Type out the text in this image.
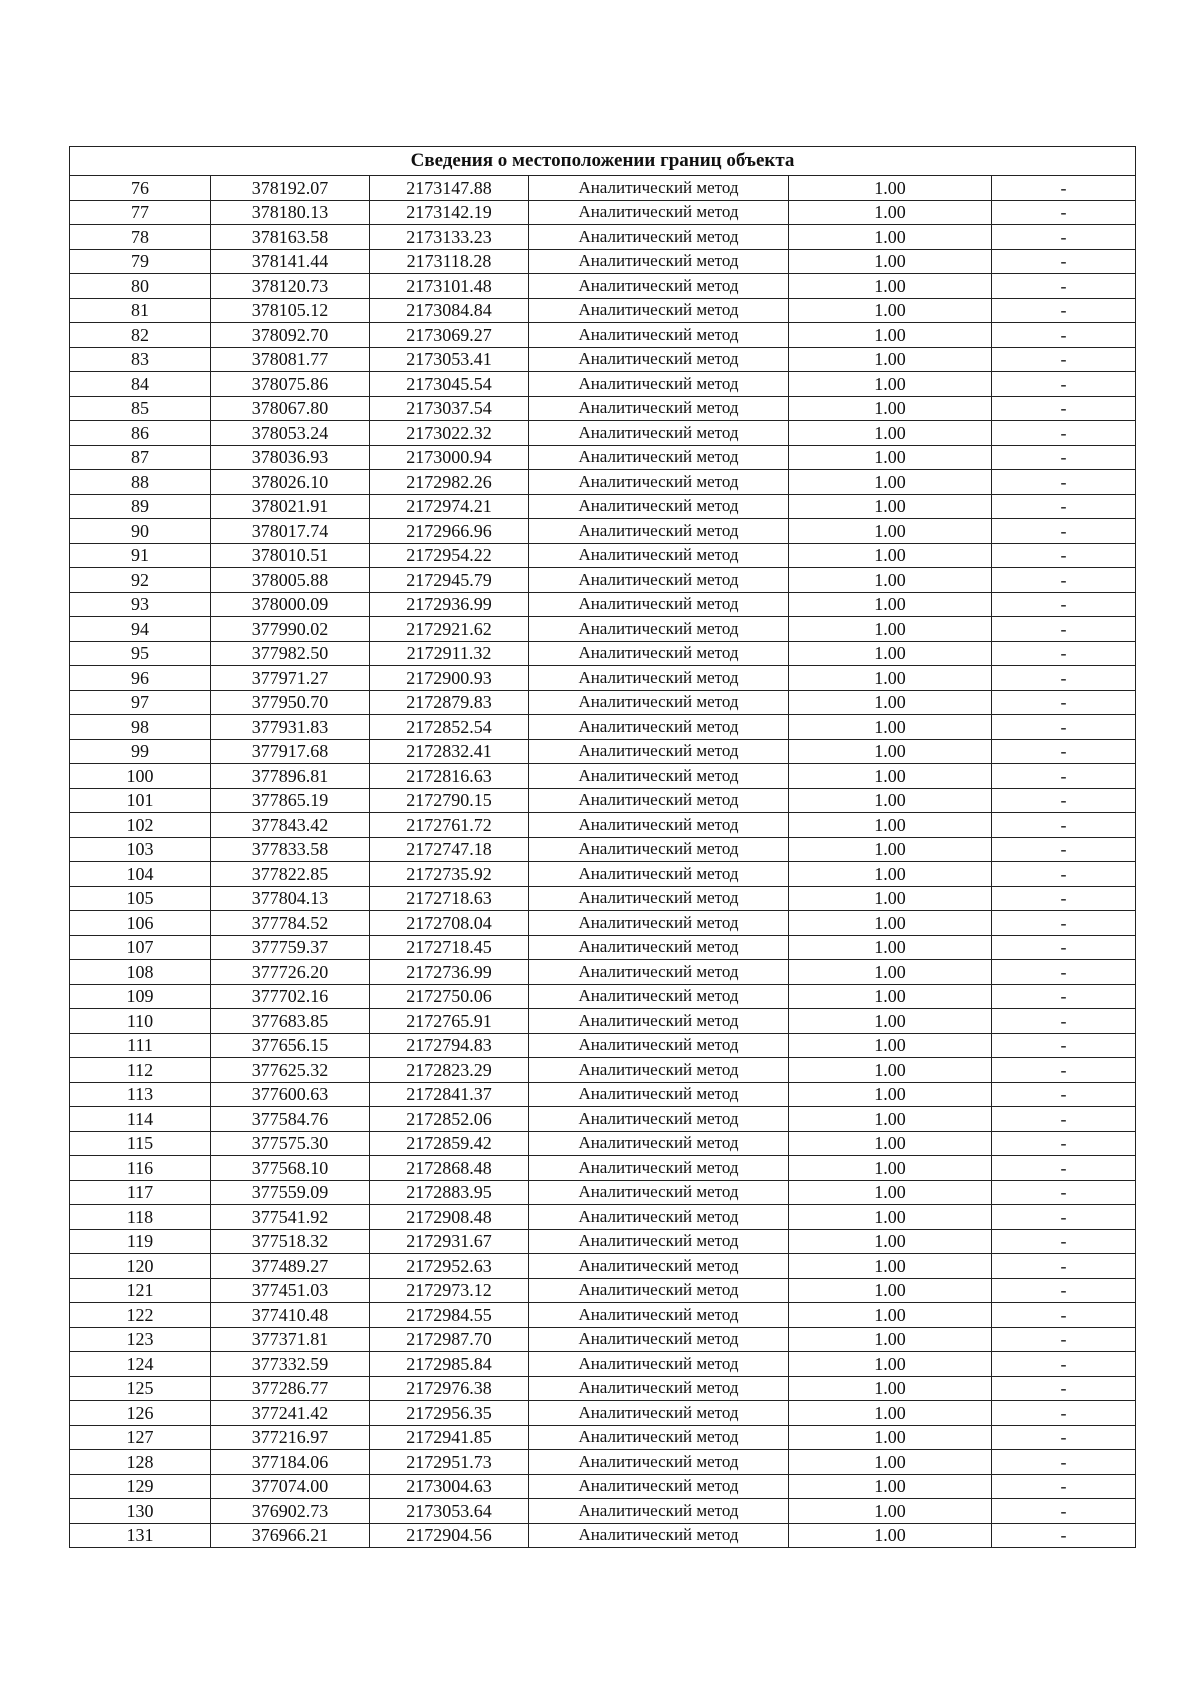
Сведения о местоположении границ объекта					
76	378192.07	2173147.88	Аналитический метод	1.00	-
77	378180.13	2173142.19	Аналитический метод	1.00	-
78	378163.58	2173133.23	Аналитический метод	1.00	-
79	378141.44	2173118.28	Аналитический метод	1.00	-
80	378120.73	2173101.48	Аналитический метод	1.00	-
81	378105.12	2173084.84	Аналитический метод	1.00	-
82	378092.70	2173069.27	Аналитический метод	1.00	-
83	378081.77	2173053.41	Аналитический метод	1.00	-
84	378075.86	2173045.54	Аналитический метод	1.00	-
85	378067.80	2173037.54	Аналитический метод	1.00	-
86	378053.24	2173022.32	Аналитический метод	1.00	-
87	378036.93	2173000.94	Аналитический метод	1.00	-
88	378026.10	2172982.26	Аналитический метод	1.00	-
89	378021.91	2172974.21	Аналитический метод	1.00	-
90	378017.74	2172966.96	Аналитический метод	1.00	-
91	378010.51	2172954.22	Аналитический метод	1.00	-
92	378005.88	2172945.79	Аналитический метод	1.00	-
93	378000.09	2172936.99	Аналитический метод	1.00	-
94	377990.02	2172921.62	Аналитический метод	1.00	-
95	377982.50	2172911.32	Аналитический метод	1.00	-
96	377971.27	2172900.93	Аналитический метод	1.00	-
97	377950.70	2172879.83	Аналитический метод	1.00	-
98	377931.83	2172852.54	Аналитический метод	1.00	-
99	377917.68	2172832.41	Аналитический метод	1.00	-
100	377896.81	2172816.63	Аналитический метод	1.00	-
101	377865.19	2172790.15	Аналитический метод	1.00	-
102	377843.42	2172761.72	Аналитический метод	1.00	-
103	377833.58	2172747.18	Аналитический метод	1.00	-
104	377822.85	2172735.92	Аналитический метод	1.00	-
105	377804.13	2172718.63	Аналитический метод	1.00	-
106	377784.52	2172708.04	Аналитический метод	1.00	-
107	377759.37	2172718.45	Аналитический метод	1.00	-
108	377726.20	2172736.99	Аналитический метод	1.00	-
109	377702.16	2172750.06	Аналитический метод	1.00	-
110	377683.85	2172765.91	Аналитический метод	1.00	-
111	377656.15	2172794.83	Аналитический метод	1.00	-
112	377625.32	2172823.29	Аналитический метод	1.00	-
113	377600.63	2172841.37	Аналитический метод	1.00	-
114	377584.76	2172852.06	Аналитический метод	1.00	-
115	377575.30	2172859.42	Аналитический метод	1.00	-
116	377568.10	2172868.48	Аналитический метод	1.00	-
117	377559.09	2172883.95	Аналитический метод	1.00	-
118	377541.92	2172908.48	Аналитический метод	1.00	-
119	377518.32	2172931.67	Аналитический метод	1.00	-
120	377489.27	2172952.63	Аналитический метод	1.00	-
121	377451.03	2172973.12	Аналитический метод	1.00	-
122	377410.48	2172984.55	Аналитический метод	1.00	-
123	377371.81	2172987.70	Аналитический метод	1.00	-
124	377332.59	2172985.84	Аналитический метод	1.00	-
125	377286.77	2172976.38	Аналитический метод	1.00	-
126	377241.42	2172956.35	Аналитический метод	1.00	-
127	377216.97	2172941.85	Аналитический метод	1.00	-
128	377184.06	2172951.73	Аналитический метод	1.00	-
129	377074.00	2173004.63	Аналитический метод	1.00	-
130	376902.73	2173053.64	Аналитический метод	1.00	-
131	376966.21	2172904.56	Аналитический метод	1.00	-
